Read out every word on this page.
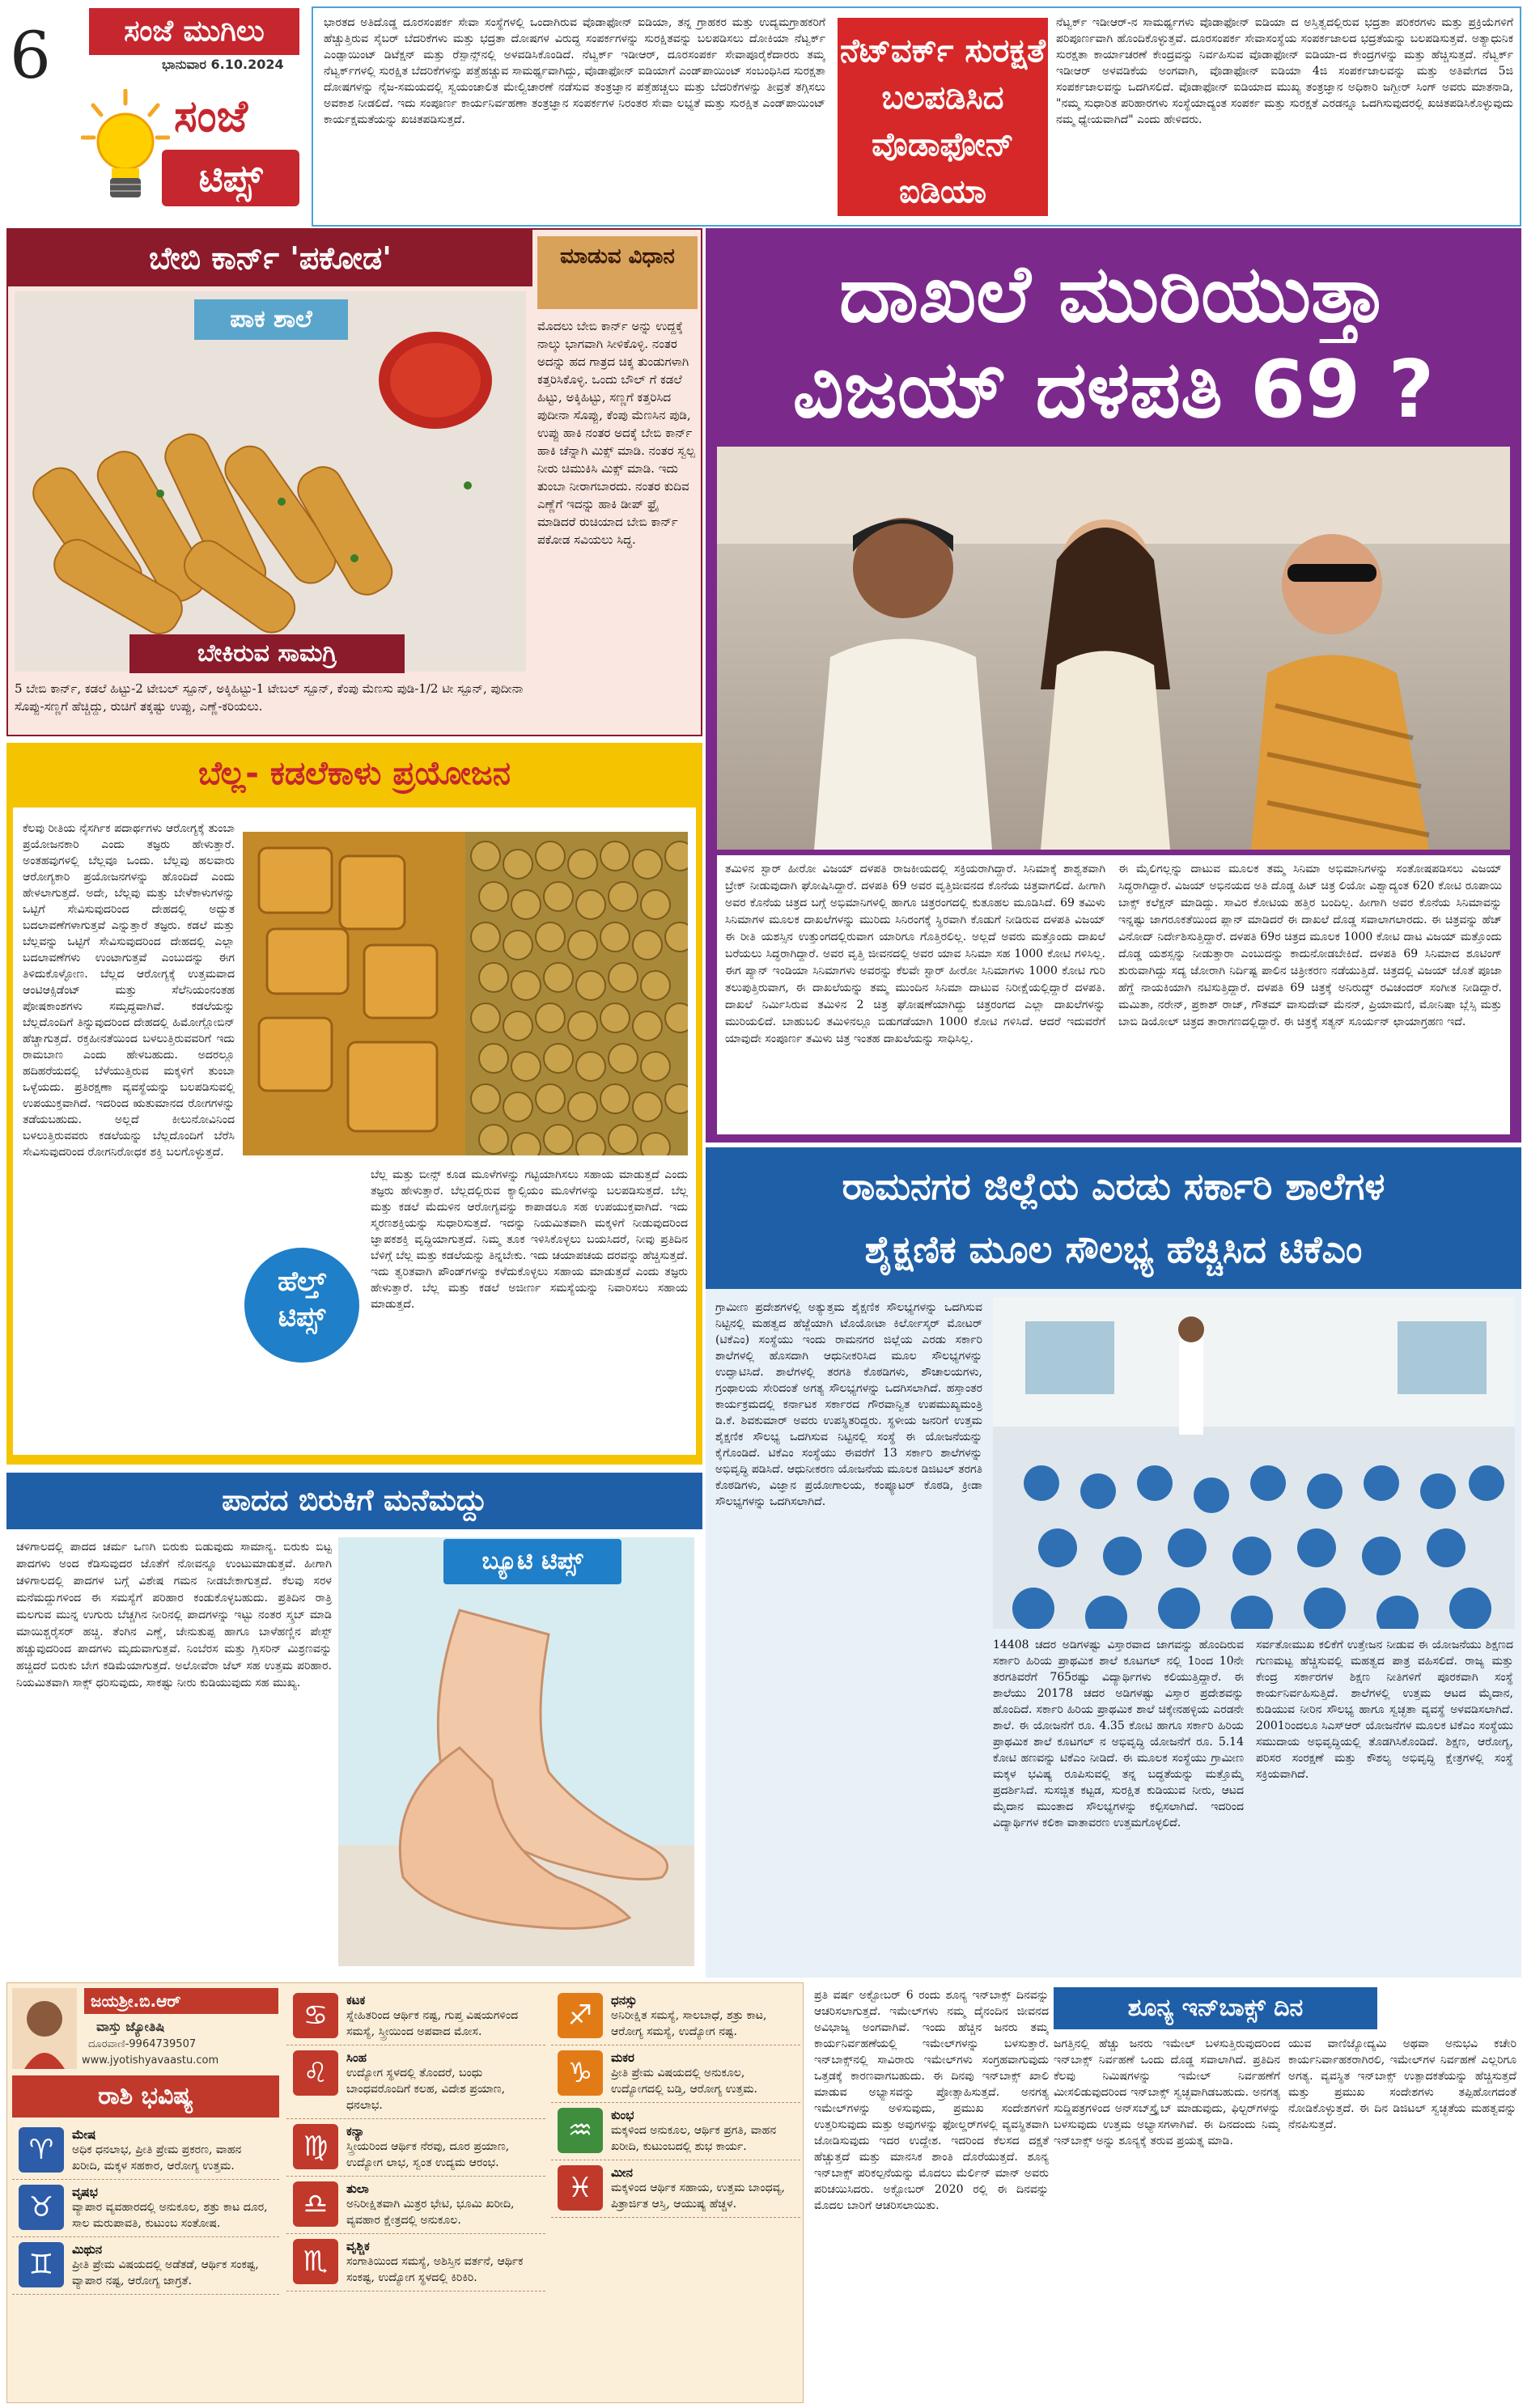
6	ಸಂಜೆ ಮುಗಿಲು
ಭಾನುವಾರ 6.10.2024
ಸಂಜೆ
ಟಿಪ್ಸ್
ಭಾರತದ ಅತಿದೊಡ್ಡ ದೂರಸಂಪರ್ಕ ಸೇವಾ ಸಂಸ್ಥೆಗಳಲ್ಲಿ ಒಂದಾಗಿರುವ ವೊಡಾಫೋನ್ ಐಡಿಯಾ, ತನ್ನ ಗ್ರಾಹಕರ ಮತ್ತು ಉದ್ಯಮಗ್ರಾಹಕರಿಗೆ ಹೆಚ್ಚುತ್ತಿರುವ ಸೈಬರ್ ಬೆದರಿಕೆಗಳು ಮತ್ತು ಭದ್ರತಾ ದೋಷಗಳ ವಿರುದ್ಧ ಸಂಪರ್ಕಗಳನ್ನು ಸುರಕ್ಷಿತವನ್ನು ಬಲಪಡಿಸಲು ದೋಕಿಯಾ ನೆಟ್ವರ್ಕ್ ಎಂಡ್ಪಾಯಿಂಟ್ ಡಿಟೆಕ್ಷನ್ ಮತ್ತು ರೆಸ್ಪಾನ್ಸ್‌ನಲ್ಲಿ ಅಳವಡಿಸಿಕೊಂಡಿದೆ. ನೆಟ್ವರ್ಕ್ ಇಡೀಆರ್, ದೂರಸಂಪರ್ಕ ಸೇವಾಪೂರೈಕೆದಾರರು ತಮ್ಮ ನೆಟ್ವರ್ಕ್‌ಗಳಲ್ಲಿ ಸುರಕ್ಷಿತ ಬೆದರಿಕೆಗಳನ್ನು ಪತ್ತೆಹಚ್ಚುವ ಸಾಮರ್ಥ್ಯವಾಗಿದ್ದು, ವೊಡಾಫೋನ್ ಐಡಿಯಾಗೆ ಎಂಡ್‌ಪಾಯಿಂಟ್ ಸಂಬಂಧಿಸಿದ ಸುರಕ್ಷತಾ ದೋಷಗಳನ್ನು ನೈಜ-ಸಮಯದಲ್ಲಿ ಸ್ವಯಂಚಾಲಿತ ಮೇಲ್ವಿಚಾರಣೆ ನಡೆಸುವ ತಂತ್ರಜ್ಞಾನ ಪತ್ತೆಹಚ್ಚಲು ಮತ್ತು ಬೆದರಿಕೆಗಳನ್ನು ತೀವ್ರತೆ ತಗ್ಗಿಸಲು ಅವಕಾಶ ನೀಡಲಿದೆ. ಇದು ಸಂಪೂರ್ಣ ಕಾರ್ಯನಿರ್ವಹಣಾ ತಂತ್ರಜ್ಞಾನ ಸಂಪರ್ಕಗಳ ನಿರಂತರ ಸೇವಾ ಲಭ್ಯತೆ ಮತ್ತು ಸುರಕ್ಷಿತ ಎಂಡ್‌ಪಾಯಿಂಟ್ ಕಾರ್ಯಕ್ಷಮತೆಯನ್ನು ಖಚಿತಪಡಿಸುತ್ತದೆ.
ನೆಟ್‌ವರ್ಕ್ ಸುರಕ್ಷತೆ ಬಲಪಡಿಸಿದ ವೊಡಾಫೋನ್ ಐಡಿಯಾ
ನೆಟ್ವರ್ಕ್ ಇಡೀಆರ್-ನ ಸಾಮರ್ಥ್ಯಗಳು ವೊಡಾಫೋನ್ ಐಡಿಯಾ ದ ಅಸ್ತಿತ್ವದಲ್ಲಿರುವ ಭದ್ರತಾ ಪರಿಕರಗಳು ಮತ್ತು ಪ್ರಕ್ರಿಯೆಗಳಿಗೆ ಪರಿಪೂರ್ಣವಾಗಿ ಹೊಂದಿಕೊಳ್ಳುತ್ತವೆ. ದೂರಸಂಪರ್ಕ ಸೇವಾಸಂಸ್ಥೆಯ ಸಂಪರ್ಕಜಾಲದ ಭದ್ರತೆಯನ್ನು ಬಲಪಡಿಸುತ್ತವೆ. ಅತ್ಯಾಧುನಿಕ ಸುರಕ್ಷತಾ ಕಾರ್ಯಾಚರಣೆ ಕೇಂದ್ರವನ್ನು ನಿರ್ವಹಿಸುವ ವೊಡಾಫೋನ್ ಐಡಿಯಾ-ದ ಕೇಂದ್ರಗಳನ್ನು ಮತ್ತು ಹೆಚ್ಚಿಸುತ್ತದೆ. ನೆಟ್ವರ್ಕ್ ಇಡೀಆರ್ ಅಳವಡಿಕೆಯ ಅಂಗವಾಗಿ, ವೊಡಾಫೋನ್ ಐಡಿಯಾ 4ಜಿ ಸಂಪರ್ಕಜಾಲವನ್ನು ಮತ್ತು ಅತಿವೇಗದ 5ಜಿ ಸಂಪರ್ಕಜಾಲವನ್ನು ಒದಗಿಸಲಿದೆ. ವೊಡಾಫೋನ್ ಐಡಿಯಾದ ಮುಖ್ಯ ತಂತ್ರಜ್ಞಾನ ಅಧಿಕಾರಿ ಜಗ್ಬೀರ್ ಸಿಂಗ್ ಅವರು ಮಾತನಾಡಿ, "ನಮ್ಮ ಸುಧಾರಿತ ಪರಿಹಾರಗಳು ಸಂಸ್ಥೆಯಾದ್ಯಂತ ಸಂಪರ್ಕ ಮತ್ತು ಸುರಕ್ಷತೆ ಎರಡನ್ನೂ ಒದಗಿಸುವುದರಲ್ಲಿ ಖಚಿತಪಡಿಸಿಕೊಳ್ಳುವುದು ನಮ್ಮ ಧ್ಯೇಯವಾಗಿದೆ" ಎಂದು ಹೇಳಿದರು.
ಬೇಬಿ ಕಾರ್ನ್ 'ಪಕೋಡ'
ಪಾಕ ಶಾಲೆ
ಬೇಕಿರುವ ಸಾಮಗ್ರಿ
5 ಬೇಬಿ ಕಾರ್ನ್, ಕಡಲೆ ಹಿಟ್ಟು-2 ಟೇಬಲ್ ಸ್ಪೂನ್, ಅಕ್ಕಿಹಿಟ್ಟು-1 ಟೇಬಲ್ ಸ್ಪೂನ್, ಕೆಂಪು ಮೆಣಸು ಪುಡಿ-1/2 ಟೀ ಸ್ಪೂನ್, ಪುದೀನಾ ಸೊಪ್ಪು-ಸಣ್ಣಗೆ ಹೆಚ್ಚಿದ್ದು, ರುಚಿಗೆ ತಕ್ಕಷ್ಟು ಉಪ್ಪು, ಎಣ್ಣೆ-ಕರಿಯಲು.
ಮಾಡುವ ವಿಧಾನ
ಮೊದಲು ಬೇಬಿ ಕಾರ್ನ್ ಅನ್ನು ಉದ್ದಕ್ಕೆ ನಾಲ್ಕು ಭಾಗವಾಗಿ ಸೀಳಿಕೊಳ್ಳಿ. ನಂತರ ಅದನ್ನು ಹದ ಗಾತ್ರದ ಚಿಕ್ಕ ತುಂಡುಗಳಾಗಿ ಕತ್ತರಿಸಿಕೊಳ್ಳಿ. ಒಂದು ಬೌಲ್ ಗೆ ಕಡಲೆ ಹಿಟ್ಟು, ಅಕ್ಕಿಹಿಟ್ಟು, ಸಣ್ಣಗೆ ಕತ್ತರಿಸಿದ ಪುದೀನಾ ಸೊಪ್ಪು, ಕೆಂಪು ಮೆಣಸಿನ ಪುಡಿ, ಉಪ್ಪು ಹಾಕಿ ನಂತರ ಅದಕ್ಕೆ ಬೇಬಿ ಕಾರ್ನ್ ಹಾಕಿ ಚೆನ್ನಾಗಿ ಮಿಕ್ಸ್ ಮಾಡಿ. ನಂತರ ಸ್ವಲ್ಪ ನೀರು ಚಿಮುಕಿಸಿ ಮಿಕ್ಸ್ ಮಾಡಿ. ಇದು ತುಂಬಾ ನೀರಾಗಬಾರದು. ನಂತರ ಕುದಿವ ಎಣ್ಣೆಗೆ ಇದನ್ನು ಹಾಕಿ ಡೀಪ್ ಫ್ರೈ ಮಾಡಿದರೆ ರುಚಿಯಾದ ಬೇಬಿ ಕಾರ್ನ್ ಪಕೋಡ ಸವಿಯಲು ಸಿದ್ಧ.
ದಾಖಲೆ ಮುರಿಯುತ್ತಾ
ವಿಜಯ್ ದಳಪತಿ 69 ?
ತಮಿಳಿನ ಸ್ಟಾರ್ ಹೀರೋ ವಿಜಯ್ ದಳಪತಿ ರಾಜಕೀಯದಲ್ಲಿ ಸಕ್ರಿಯರಾಗಿದ್ದಾರೆ. ಸಿನಿಮಾಕ್ಕೆ ಶಾಶ್ವತವಾಗಿ ಬ್ರೇಕ್ ನೀಡುವುದಾಗಿ ಘೋಷಿಸಿದ್ದಾರೆ. ದಳಪತಿ 69 ಅವರ ವೃತ್ತಿಜೀವನದ ಕೊನೆಯ ಚಿತ್ರವಾಗಲಿದೆ. ಹೀಗಾಗಿ ಅವರ ಕೊನೆಯ ಚಿತ್ರದ ಬಗ್ಗೆ ಅಭಿಮಾನಿಗಳಲ್ಲಿ ಹಾಗೂ ಚಿತ್ರರಂಗದಲ್ಲಿ ಕುತೂಹಲ ಮೂಡಿಸಿದೆ. 69 ತಮಿಳು ಸಿನಿಮಾಗಳ ಮೂಲಕ ದಾಖಲೆಗಳನ್ನು ಮುರಿದು ಸಿನಿರಂಗಕ್ಕೆ ಸ್ಥಿರವಾಗಿ ಕೊಡುಗೆ ನೀಡಿರುವ ದಳಪತಿ ವಿಜಯ್ ಈ ರೀತಿ ಯಶಸ್ಸಿನ ಉತ್ತುಂಗದಲ್ಲಿರುವಾಗ ಯಾರಿಗೂ ಗೊತ್ತಿರಲಿಲ್ಲ. ಅಲ್ಲದೆ ಅವರು ಮತ್ತೊಂದು ದಾಖಲೆ ಬರೆಯಲು ಸಿದ್ಧರಾಗಿದ್ದಾರೆ. ಅವರ ವೃತ್ತಿ ಜೀವನದಲ್ಲಿ ಅವರ ಯಾವ ಸಿನಿಮಾ ಸಹ 1000 ಕೋಟಿ ಗಳಿಸಿಲ್ಲ. ಈಗ ಪ್ಯಾನ್ ಇಂಡಿಯಾ ಸಿನಿಮಾಗಳು ಅವರನ್ನು ಕೆಲವೇ ಸ್ಟಾರ್ ಹೀರೋ ಸಿನಿಮಾಗಳು 1000 ಕೋಟಿ ಗುರಿ ತಲುಪುತ್ತಿರುವಾಗ, ಈ ದಾಖಲೆಯನ್ನು ತಮ್ಮ ಮುಂದಿನ ಸಿನಿಮಾ ದಾಟುವ ನಿರೀಕ್ಷೆಯಲ್ಲಿದ್ದಾರೆ ದಳಪತಿ. ದಾಖಲೆ ನಿರ್ಮಿಸಿರುವ ತಮಿಳಿನ 2 ಚಿತ್ರ ಘೋಷಣೆಯಾಗಿದ್ದು ಚಿತ್ರರಂಗದ ಎಲ್ಲಾ ದಾಖಲೆಗಳನ್ನು ಮುರಿಯಲಿದೆ. ಬಾಹುಬಲಿ ತಮಿಳಿನಲ್ಲೂ ಬಿಡುಗಡೆಯಾಗಿ 1000 ಕೋಟಿ ಗಳಿಸಿದೆ. ಆದರೆ ಇದುವರೆಗೆ ಯಾವುದೇ ಸಂಪೂರ್ಣ ತಮಿಳು ಚಿತ್ರ ಇಂತಹ ದಾಖಲೆಯನ್ನು ಸಾಧಿಸಿಲ್ಲ.
ಈ ಮೈಲಿಗಲ್ಲನ್ನು ದಾಟುವ ಮೂಲಕ ತಮ್ಮ ಸಿನಿಮಾ ಅಭಿಮಾನಿಗಳನ್ನು ಸಂತೋಷಪಡಿಸಲು ವಿಜಯ್ ಸಿದ್ಧರಾಗಿದ್ದಾರೆ. ವಿಜಯ್ ಅಭಿನಯದ ಅತಿ ದೊಡ್ಡ ಹಿಟ್ ಚಿತ್ರ ಲಿಯೋ ವಿಶ್ವಾದ್ಯಂತ 620 ಕೋಟಿ ರೂಪಾಯಿ ಬಾಕ್ಸ್ ಕಲೆಕ್ಷನ್ ಮಾಡಿದ್ದು. ಸಾವಿರ ಕೋಟಿಯ ಹತ್ತಿರ ಬಂದಿಲ್ಲ. ಹೀಗಾಗಿ ಅವರ ಕೊನೆಯ ಸಿನಿಮಾವನ್ನು ಇನ್ನಷ್ಟು ಜಾಗರೂಕತೆಯಿಂದ ಪ್ಲಾನ್ ಮಾಡಿದರೆ ಈ ದಾಖಲೆ ದೊಡ್ಡ ಸವಾಲಾಗಲಾರದು. ಈ ಚಿತ್ರವನ್ನು ಹೆಚ್ ವಿನೋದ್ ನಿರ್ದೇಶಿಸುತ್ತಿದ್ದಾರೆ. ದಳಪತಿ 69ರ ಚಿತ್ರದ ಮೂಲಕ 1000 ಕೋಟಿ ದಾಟ ವಿಜಯ್ ಮತ್ತೊಂದು ದೊಡ್ಡ ಯಶಸ್ಸನ್ನು ನೀಡುತ್ತಾರಾ ಎಂಬುದನ್ನು ಕಾದುನೋಡಬೇಕಿದೆ. ದಳಪತಿ 69 ಸಿನಿಮಾದ ಶೂಟಿಂಗ್ ಶುರುವಾಗಿದ್ದು ಸದ್ಯ ಜೋರಾಗಿ ನಿರ್ದಿಷ್ಟ ಪಾಲಿನ ಚಿತ್ರೀಕರಣ ನಡೆಯುತ್ತಿದೆ. ಚಿತ್ರದಲ್ಲಿ ವಿಜಯ್ ಜೊತೆ ಪೂಜಾ ಹೆಗ್ಡೆ ನಾಯಕಿಯಾಗಿ ನಟಿಸುತ್ತಿದ್ದಾರೆ. ದಳಪತಿ 69 ಚಿತ್ರಕ್ಕೆ ಅನಿರುದ್ಧ್ ರವಿಚಂದರ್ ಸಂಗೀತ ನೀಡಿದ್ದಾರೆ. ಮಮಿತಾ, ನರೇನ್, ಪ್ರಕಾಶ್ ರಾಜ್, ಗೌತಮ್ ವಾಸುದೇವ್ ಮೆನನ್, ಪ್ರಿಯಾಮಣಿ, ಮೋನಿಷಾ ಬ್ಲೆಸ್ಸಿ ಮತ್ತು ಬಾಬಿ ಡಿಯೋಲ್ ಚಿತ್ರದ ತಾರಾಗಣದಲ್ಲಿದ್ದಾರೆ. ಈ ಚಿತ್ರಕ್ಕೆ ಸತ್ಯನ್ ಸೂರ್ಯನ್ ಛಾಯಾಗ್ರಹಣ ಇದೆ.
ಬೆಲ್ಲ- ಕಡಲೆಕಾಳು ಪ್ರಯೋಜನ
ಕೆಲವು ರೀತಿಯ ನೈಸರ್ಗಿಕ ಪದಾರ್ಥಗಳು ಆರೋಗ್ಯಕ್ಕೆ ತುಂಬಾ ಪ್ರಯೋಜನಕಾರಿ ಎಂದು ತಜ್ಞರು ಹೇಳುತ್ತಾರೆ. ಅಂತಹವುಗಳಲ್ಲಿ ಬೆಲ್ಲವೂ ಒಂದು. ಬೆಲ್ಲವು ಹಲವಾರು ಆರೋಗ್ಯಕಾರಿ ಪ್ರಯೋಜನಗಳನ್ನು ಹೊಂದಿದೆ ಎಂದು ಹೇಳಲಾಗುತ್ತದೆ. ಅದೇ, ಬೆಲ್ಲವು ಮತ್ತು ಬೇಳೆಕಾಳುಗಳನ್ನು ಒಟ್ಟಿಗೆ ಸೇವಿಸುವುದರಿಂದ ದೇಹದಲ್ಲಿ ಅದ್ಭುತ ಬದಲಾವಣೆಗಳಾಗುತ್ತವೆ ಎನ್ನುತ್ತಾರೆ ತಜ್ಞರು. ಕಡಲೆ ಮತ್ತು ಬೆಲ್ಲವನ್ನು ಒಟ್ಟಿಗೆ ಸೇವಿಸುವುದರಿಂದ ದೇಹದಲ್ಲಿ ಎಲ್ಲಾ ಬದಲಾವಣೆಗಳು ಉಂಟಾಗುತ್ತವೆ ಎಂಬುದನ್ನು ಈಗ ತಿಳಿದುಕೊಳ್ಳೋಣ. ಬೆಲ್ಲದ ಆರೋಗ್ಯಕ್ಕೆ ಉತ್ತಮವಾದ ಆಂಟಿಆಕ್ಸಿಡೆಂಟ್ ಮತ್ತು ಸೆಲೆನಿಯಂನಂತಹ ಪೋಷಕಾಂಶಗಳು ಸಮೃದ್ಧವಾಗಿವೆ. ಕಡಲೆಯನ್ನು ಬೆಲ್ಲದೊಂದಿಗೆ ತಿನ್ನುವುದರಿಂದ ದೇಹದಲ್ಲಿ ಹಿಮೋಗ್ಲೋಬಿನ್ ಹೆಚ್ಚಾಗುತ್ತದೆ. ರಕ್ತಹೀನತೆಯಿಂದ ಬಳಲುತ್ತಿರುವವರಿಗೆ ಇದು ರಾಮಬಾಣ ಎಂದು ಹೇಳಬಹುದು. ಅದರಲ್ಲೂ ಹದಿಹರೆಯದಲ್ಲಿ ಬೆಳೆಯುತ್ತಿರುವ ಮಕ್ಕಳಿಗೆ ತುಂಬಾ ಒಳ್ಳೆಯದು. ಪ್ರತಿರಕ್ಷಣಾ ವ್ಯವಸ್ಥೆಯನ್ನು ಬಲಪಡಿಸುವಲ್ಲಿ ಉಪಯುಕ್ತವಾಗಿದೆ. ಇದರಿಂದ ಋತುಮಾನದ ರೋಗಗಳನ್ನು ತಡೆಯಬಹುದು. ಅಲ್ಲದೆ ಕೀಲುನೋವಿನಿಂದ ಬಳಲುತ್ತಿರುವವರು ಕಡಲೆಯನ್ನು ಬೆಲ್ಲದೊಂದಿಗೆ ಬೆರೆಸಿ ಸೇವಿಸುವುದರಿಂದ ರೋಗನಿರೋಧಕ ಶಕ್ತಿ ಬಲಗೊಳ್ಳುತ್ತದೆ.
ಬೆಲ್ಲ ಮತ್ತು ಬೀನ್ಸ್ ಕೂಡ ಮೂಳೆಗಳನ್ನು ಗಟ್ಟಿಯಾಗಿಸಲು ಸಹಾಯ ಮಾಡುತ್ತದೆ ಎಂದು ತಜ್ಞರು ಹೇಳುತ್ತಾರೆ. ಬೆಲ್ಲದಲ್ಲಿರುವ ಕ್ಯಾಲ್ಸಿಯಂ ಮೂಳೆಗಳನ್ನು ಬಲಪಡಿಸುತ್ತದೆ. ಬೆಲ್ಲ ಮತ್ತು ಕಡಲೆ ಮೆದುಳಿನ ಆರೋಗ್ಯವನ್ನು ಕಾಪಾಡಲೂ ಸಹ ಉಪಯುಕ್ತವಾಗಿದೆ. ಇದು ಸ್ಮರಣಶಕ್ತಿಯನ್ನು ಸುಧಾರಿಸುತ್ತದೆ. ಇದನ್ನು ನಿಯಮಿತವಾಗಿ ಮಕ್ಕಳಿಗೆ ನೀಡುವುದರಿಂದ ಜ್ಞಾಪಕಶಕ್ತಿ ವೃದ್ಧಿಯಾಗುತ್ತದೆ. ನಿಮ್ಮ ತೂಕ ಇಳಿಸಿಕೊಳ್ಳಲು ಬಯಸಿದರೆ, ನೀವು ಪ್ರತಿದಿನ ಬೆಳಿಗ್ಗೆ ಬೆಲ್ಲ ಮತ್ತು ಕಡಲೆಯನ್ನು ತಿನ್ನಬೇಕು. ಇದು ಚಯಾಪಚಯ ದರವನ್ನು ಹೆಚ್ಚಿಸುತ್ತದೆ. ಇದು ತ್ವರಿತವಾಗಿ ಪೌಂಡ್‌ಗಳನ್ನು ಕಳೆದುಕೊಳ್ಳಲು ಸಹಾಯ ಮಾಡುತ್ತದೆ ಎಂದು ತಜ್ಞರು ಹೇಳುತ್ತಾರೆ. ಬೆಲ್ಲ ಮತ್ತು ಕಡಲೆ ಅಜೀರ್ಣ ಸಮಸ್ಯೆಯನ್ನು ನಿವಾರಿಸಲು ಸಹಾಯ ಮಾಡುತ್ತದೆ.
ಹೆಲ್ತ್
ಟಿಪ್ಸ್
ರಾಮನಗರ ಜಿಲ್ಲೆಯ ಎರಡು ಸರ್ಕಾರಿ ಶಾಲೆಗಳ
ಶೈಕ್ಷಣಿಕ ಮೂಲ ಸೌಲಭ್ಯ ಹೆಚ್ಚಿಸಿದ ಟಿಕೆಎಂ
ಗ್ರಾಮೀಣ ಪ್ರದೇಶಗಳಲ್ಲಿ ಅತ್ಯುತ್ತಮ ಶೈಕ್ಷಣಿಕ ಸೌಲಭ್ಯಗಳನ್ನು ಒದಗಿಸುವ ನಿಟ್ಟಿನಲ್ಲಿ ಮಹತ್ವದ ಹೆಜ್ಜೆಯಾಗಿ ಟೊಯೋಟಾ ಕಿರ್ಲೋಸ್ಕರ್ ಮೋಟರ್ (ಟಿಕೆಎಂ) ಸಂಸ್ಥೆಯು ಇಂದು ರಾಮನಗರ ಜಿಲ್ಲೆಯ ಎರಡು ಸರ್ಕಾರಿ ಶಾಲೆಗಳಲ್ಲಿ ಹೊಸದಾಗಿ ಆಧುನೀಕರಿಸಿದ ಮೂಲ ಸೌಲಭ್ಯಗಳನ್ನು ಉದ್ಘಾಟಿಸಿದೆ. ಶಾಲೆಗಳಲ್ಲಿ ತರಗತಿ ಕೊಠಡಿಗಳು, ಶೌಚಾಲಯಗಳು, ಗ್ರಂಥಾಲಯ ಸೇರಿದಂತೆ ಅಗತ್ಯ ಸೌಲಭ್ಯಗಳನ್ನು ಒದಗಿಸಲಾಗಿದೆ. ಹಸ್ತಾಂತರ ಕಾರ್ಯಕ್ರಮದಲ್ಲಿ ಕರ್ನಾಟಕ ಸರ್ಕಾರದ ಗೌರವಾನ್ವಿತ ಉಪಮುಖ್ಯಮಂತ್ರಿ ಡಿ.ಕೆ. ಶಿವಕುಮಾರ್ ಅವರು ಉಪಸ್ಥಿತರಿದ್ದರು. ಸ್ಥಳೀಯ ಜನರಿಗೆ ಉತ್ತಮ ಶೈಕ್ಷಣಿಕ ಸೌಲಭ್ಯ ಒದಗಿಸುವ ನಿಟ್ಟಿನಲ್ಲಿ ಸಂಸ್ಥೆ ಈ ಯೋಜನೆಯನ್ನು ಕೈಗೊಂಡಿದೆ. ಟಿಕೆಎಂ ಸಂಸ್ಥೆಯು ಈವರೆಗೆ 13 ಸರ್ಕಾರಿ ಶಾಲೆಗಳನ್ನು ಅಭಿವೃದ್ಧಿ ಪಡಿಸಿದೆ. ಆಧುನೀಕರಣ ಯೋಜನೆಯ ಮೂಲಕ ಡಿಜಿಟಲ್ ತರಗತಿ ಕೊಠಡಿಗಳು, ವಿಜ್ಞಾನ ಪ್ರಯೋಗಾಲಯ, ಕಂಪ್ಯೂಟರ್ ಕೊಠಡಿ, ಕ್ರೀಡಾ ಸೌಲಭ್ಯಗಳನ್ನು ಒದಗಿಸಲಾಗಿದೆ.
14408 ಚದರ ಅಡಿಗಳಷ್ಟು ವಿಸ್ತಾರವಾದ ಜಾಗವನ್ನು ಹೊಂದಿರುವ ಸರ್ಕಾರಿ ಹಿರಿಯ ಪ್ರಾಥಮಿಕ ಶಾಲೆ ಕೂಟಗಲ್ ನಲ್ಲಿ 1ರಿಂದ 10ನೇ ತರಗತಿವರೆಗೆ 765ರಷ್ಟು ವಿದ್ಯಾರ್ಥಿಗಳು ಕಲಿಯುತ್ತಿದ್ದಾರೆ. ಈ ಶಾಲೆಯು 20178 ಚದರ ಅಡಿಗಳಷ್ಟು ವಿಸ್ತಾರ ಪ್ರದೇಶವನ್ನು ಹೊಂದಿದೆ. ಸರ್ಕಾರಿ ಹಿರಿಯ ಪ್ರಾಥಮಿಕ ಶಾಲೆ ಚಿಕ್ಕೇನಹಳ್ಳಿಯ ಎರಡನೇ ಶಾಲೆ. ಈ ಯೋಜನೆಗೆ ರೂ. 4.35 ಕೋಟಿ ಹಾಗೂ ಸರ್ಕಾರಿ ಹಿರಿಯ ಪ್ರಾಥಮಿಕ ಶಾಲೆ ಕೂಟಗಲ್ ನ ಅಭಿವೃದ್ಧಿ ಯೋಜನೆಗೆ ರೂ. 5.14 ಕೋಟಿ ಹಣವನ್ನು ಟಿಕೆಎಂ ನೀಡಿದೆ. ಈ ಮೂಲಕ ಸಂಸ್ಥೆಯು ಗ್ರಾಮೀಣ ಮಕ್ಕಳ ಭವಿಷ್ಯ ರೂಪಿಸುವಲ್ಲಿ ತನ್ನ ಬದ್ಧತೆಯನ್ನು ಮತ್ತೊಮ್ಮೆ ಪ್ರದರ್ಶಿಸಿದೆ. ಸುಸಜ್ಜಿತ ಕಟ್ಟಡ, ಸುರಕ್ಷಿತ ಕುಡಿಯುವ ನೀರು, ಆಟದ ಮೈದಾನ ಮುಂತಾದ ಸೌಲಭ್ಯಗಳನ್ನು ಕಲ್ಪಿಸಲಾಗಿದೆ. ಇದರಿಂದ ವಿದ್ಯಾರ್ಥಿಗಳ ಕಲಿಕಾ ವಾತಾವರಣ ಉತ್ತಮಗೊಳ್ಳಲಿದೆ.
ಸರ್ವತೋಮುಖ ಕಲಿಕೆಗೆ ಉತ್ತೇಜನ ನೀಡುವ ಈ ಯೋಜನೆಯು ಶಿಕ್ಷಣದ ಗುಣಮಟ್ಟ ಹೆಚ್ಚಿಸುವಲ್ಲಿ ಮಹತ್ವದ ಪಾತ್ರ ವಹಿಸಲಿದೆ. ರಾಜ್ಯ ಮತ್ತು ಕೇಂದ್ರ ಸರ್ಕಾರಗಳ ಶಿಕ್ಷಣ ನೀತಿಗಳಿಗೆ ಪೂರಕವಾಗಿ ಸಂಸ್ಥೆ ಕಾರ್ಯನಿರ್ವಹಿಸುತ್ತಿದೆ. ಶಾಲೆಗಳಲ್ಲಿ ಉತ್ತಮ ಆಟದ ಮೈದಾನ, ಕುಡಿಯುವ ನೀರಿನ ಸೌಲಭ್ಯ ಹಾಗೂ ಸ್ವಚ್ಛತಾ ವ್ಯವಸ್ಥೆ ಅಳವಡಿಸಲಾಗಿದೆ. 2001ರಿಂದಲೂ ಸಿಎಸ್ಆರ್ ಯೋಜನೆಗಳ ಮೂಲಕ ಟಿಕೆಎಂ ಸಂಸ್ಥೆಯು ಸಮುದಾಯ ಅಭಿವೃದ್ಧಿಯಲ್ಲಿ ತೊಡಗಿಸಿಕೊಂಡಿದೆ. ಶಿಕ್ಷಣ, ಆರೋಗ್ಯ, ಪರಿಸರ ಸಂರಕ್ಷಣೆ ಮತ್ತು ಕೌಶಲ್ಯ ಅಭಿವೃದ್ಧಿ ಕ್ಷೇತ್ರಗಳಲ್ಲಿ ಸಂಸ್ಥೆ ಸಕ್ರಿಯವಾಗಿದೆ.
ಪಾದದ ಬಿರುಕಿಗೆ ಮನೆಮದ್ದು
ಚಳಿಗಾಲದಲ್ಲಿ ಪಾದದ ಚರ್ಮ ಒಣಗಿ ಬಿರುಕು ಬಿಡುವುದು ಸಾಮಾನ್ಯ. ಬಿರುಕು ಬಿಟ್ಟ ಪಾದಗಳು ಅಂದ ಕೆಡಿಸುವುದರ ಜೊತೆಗೆ ನೋವನ್ನೂ ಉಂಟುಮಾಡುತ್ತವೆ. ಹೀಗಾಗಿ ಚಳಿಗಾಲದಲ್ಲಿ ಪಾದಗಳ ಬಗ್ಗೆ ವಿಶೇಷ ಗಮನ ನೀಡಬೇಕಾಗುತ್ತದೆ. ಕೆಲವು ಸರಳ ಮನೆಮದ್ದುಗಳಿಂದ ಈ ಸಮಸ್ಯೆಗೆ ಪರಿಹಾರ ಕಂಡುಕೊಳ್ಳಬಹುದು. ಪ್ರತಿದಿನ ರಾತ್ರಿ ಮಲಗುವ ಮುನ್ನ ಉಗುರು ಬೆಚ್ಚಗಿನ ನೀರಿನಲ್ಲಿ ಪಾದಗಳನ್ನು ಇಟ್ಟು ನಂತರ ಸ್ಕ್ರಬ್ ಮಾಡಿ ಮಾಯಿಶ್ಚರೈಸರ್ ಹಚ್ಚಿ. ತೆಂಗಿನ ಎಣ್ಣೆ, ಜೇನುತುಪ್ಪ ಹಾಗೂ ಬಾಳೆಹಣ್ಣಿನ ಪೇಸ್ಟ್ ಹಚ್ಚುವುದರಿಂದ ಪಾದಗಳು ಮೃದುವಾಗುತ್ತವೆ. ನಿಂಬೆರಸ ಮತ್ತು ಗ್ಲಿಸರಿನ್ ಮಿಶ್ರಣವನ್ನು ಹಚ್ಚಿದರೆ ಬಿರುಕು ಬೇಗ ಕಡಿಮೆಯಾಗುತ್ತದೆ. ಅಲೋವೆರಾ ಜೆಲ್ ಸಹ ಉತ್ತಮ ಪರಿಹಾರ. ನಿಯಮಿತವಾಗಿ ಸಾಕ್ಸ್ ಧರಿಸುವುದು, ಸಾಕಷ್ಟು ನೀರು ಕುಡಿಯುವುದು ಸಹ ಮುಖ್ಯ.
ಬ್ಯೂಟಿ ಟಿಪ್ಸ್
ಜಯಶ್ರೀ.ಬಿ.ಆರ್
ವಾಸ್ತು ಜ್ಯೋತಿಷಿ
ದೂರವಾಣಿ-9964739507
www.jyotishyavaastu.com
ರಾಶಿ ಭವಿಷ್ಯ
♈	ಮೇಷ
ಅಧಿಕ ಧನಲಾಭ, ಪ್ರೀತಿ ಪ್ರೇಮ ಪ್ರಕರಣ, ವಾಹನ ಖರೀದಿ, ಮಕ್ಕಳ ಸಹಕಾರ, ಆರೋಗ್ಯ ಉತ್ತಮ.
♉	ವೃಷಭ
ವ್ಯಾಪಾರ ವ್ಯವಹಾರದಲ್ಲಿ ಅನುಕೂಲ, ಶತ್ರು ಕಾಟ ದೂರ, ಸಾಲ ಮರುಪಾವತಿ, ಕುಟುಂಬ ಸಂತೋಷ.
♊	ಮಿಥುನ
ಪ್ರೀತಿ ಪ್ರೇಮ ವಿಷಯದಲ್ಲಿ ಅಡೆತಡೆ, ಆರ್ಥಿಕ ಸಂಕಷ್ಟ, ವ್ಯಾಪಾರ ನಷ್ಟ, ಆರೋಗ್ಯ ಜಾಗ್ರತೆ.
♋	ಕಟಕ
ಸ್ನೇಹಿತರಿಂದ ಆರ್ಥಿಕ ನಷ್ಟ, ಗುಪ್ತ ವಿಷಯಗಳಿಂದ ಸಮಸ್ಯೆ, ಸ್ತ್ರೀಯಿಂದ ಅಪವಾದ ಮೋಸ.
♌	ಸಿಂಹ
ಉದ್ಯೋಗ ಸ್ಥಳದಲ್ಲಿ ತೊಂದರೆ, ಬಂಧು ಬಾಂಧವರೊಂದಿಗೆ ಕಲಹ, ವಿದೇಶ ಪ್ರಯಾಣ, ಧನಲಾಭ.
♍	ಕನ್ಯಾ
ಸ್ತ್ರೀಯರಿಂದ ಆರ್ಥಿಕ ನೆರವು, ದೂರ ಪ್ರಯಾಣ, ಉದ್ಯೋಗ ಲಾಭ, ಸ್ವಂತ ಉದ್ಯಮ ಆರಂಭ.
♎	ತುಲಾ
ಅನಿರೀಕ್ಷಿತವಾಗಿ ಮಿತ್ರರ ಭೇಟಿ, ಭೂಮಿ ಖರೀದಿ, ವ್ಯವಹಾರ ಕ್ಷೇತ್ರದಲ್ಲಿ ಅನುಕೂಲ.
♏	ವೃಶ್ಚಿಕ
ಸಂಗಾತಿಯಿಂದ ಸಮಸ್ಯೆ, ಅಶಿಸ್ತಿನ ವರ್ತನೆ, ಆರ್ಥಿಕ ಸಂಕಷ್ಟ, ಉದ್ಯೋಗ ಸ್ಥಳದಲ್ಲಿ ಕಿರಿಕಿರಿ.
♐	ಧನಸ್ಸು
ಅನಿರೀಕ್ಷಿತ ಸಮಸ್ಯೆ, ಸಾಲಬಾಧೆ, ಶತ್ರು ಕಾಟ, ಆರೋಗ್ಯ ಸಮಸ್ಯೆ, ಉದ್ಯೋಗ ನಷ್ಟ.
♑	ಮಕರ
ಪ್ರೀತಿ ಪ್ರೇಮ ವಿಷಯದಲ್ಲಿ ಅನುಕೂಲ, ಉದ್ಯೋಗದಲ್ಲಿ ಬಡ್ತಿ, ಆರೋಗ್ಯ ಉತ್ತಮ.
♒	ಕುಂಭ
ಮಕ್ಕಳಿಂದ ಅನುಕೂಲ, ಆರ್ಥಿಕ ಪ್ರಗತಿ, ವಾಹನ ಖರೀದಿ, ಕುಟುಂಬದಲ್ಲಿ ಶುಭ ಕಾರ್ಯ.
♓	ಮೀನ
ಮಕ್ಕಳಿಂದ ಆರ್ಥಿಕ ಸಹಾಯ, ಉತ್ತಮ ಬಾಂಧವ್ಯ, ಪಿತ್ರಾರ್ಜಿತ ಆಸ್ತಿ, ಆಯುಷ್ಯ ಹೆಚ್ಚಳ.
ಪ್ರತಿ ವರ್ಷ ಅಕ್ಟೋಬರ್ 6 ರಂದು ಶೂನ್ಯ ಇನ್‌ಬಾಕ್ಸ್ ದಿನವನ್ನು ಆಚರಿಸಲಾಗುತ್ತದೆ. ಇಮೇಲ್‌ಗಳು ನಮ್ಮ ದೈನಂದಿನ ಜೀವನದ ಅವಿಭಾಜ್ಯ ಅಂಗವಾಗಿವೆ. ಇಂದು ಹೆಚ್ಚಿನ ಜನರು ತಮ್ಮ ಕಾರ್ಯನಿರ್ವಹಣೆಯಲ್ಲಿ ಇಮೇಲ್‌ಗಳನ್ನು ಬಳಸುತ್ತಾರೆ. ಇನ್‌ಬಾಕ್ಸ್‌ನಲ್ಲಿ ಸಾವಿರಾರು ಇಮೇಲ್‌ಗಳು ಸಂಗ್ರಹವಾಗುವುದು ಒತ್ತಡಕ್ಕೆ ಕಾರಣವಾಗಬಹುದು. ಈ ದಿನವು ಇನ್‌ಬಾಕ್ಸ್ ಖಾಲಿ ಮಾಡುವ ಅಭ್ಯಾಸವನ್ನು ಪ್ರೋತ್ಸಾಹಿಸುತ್ತದೆ. ಅನಗತ್ಯ ಇಮೇಲ್‌ಗಳನ್ನು ಅಳಿಸುವುದು, ಪ್ರಮುಖ ಸಂದೇಶಗಳಿಗೆ ಉತ್ತರಿಸುವುದು ಮತ್ತು ಅವುಗಳನ್ನು ಫೋಲ್ಡರ್‌ಗಳಲ್ಲಿ ವ್ಯವಸ್ಥಿತವಾಗಿ ಜೋಡಿಸುವುದು ಇದರ ಉದ್ದೇಶ. ಇದರಿಂದ ಕೆಲಸದ ದಕ್ಷತೆ ಹೆಚ್ಚುತ್ತದೆ ಮತ್ತು ಮಾನಸಿಕ ಶಾಂತಿ ದೊರೆಯುತ್ತದೆ. ಶೂನ್ಯ ಇನ್‌ಬಾಕ್ಸ್ ಪರಿಕಲ್ಪನೆಯನ್ನು ಮೊದಲು ಮೆರ್ಲಿನ್ ಮಾನ್ ಅವರು ಪರಿಚಯಿಸಿದರು. ಅಕ್ಟೋಬರ್ 2020 ರಲ್ಲಿ ಈ ದಿನವನ್ನು ಮೊದಲ ಬಾರಿಗೆ ಆಚರಿಸಲಾಯಿತು.
ಶೂನ್ಯ ಇನ್‌ಬಾಕ್ಸ್ ದಿನ
ಜಗತ್ತಿನಲ್ಲಿ ಹೆಚ್ಚು ಜನರು ಇಮೇಲ್ ಬಳಸುತ್ತಿರುವುದರಿಂದ ಇನ್‌ಬಾಕ್ಸ್ ನಿರ್ವಹಣೆ ಒಂದು ದೊಡ್ಡ ಸವಾಲಾಗಿದೆ. ಪ್ರತಿದಿನ ಕೆಲವು ನಿಮಿಷಗಳನ್ನು ಇಮೇಲ್ ನಿರ್ವಹಣೆಗೆ ಮೀಸಲಿಡುವುದರಿಂದ ಇನ್‌ಬಾಕ್ಸ್ ಸ್ವಚ್ಛವಾಗಿಡಬಹುದು. ಅನಗತ್ಯ ಸುದ್ದಿಪತ್ರಗಳಿಂದ ಅನ್‌ಸಬ್‌ಸ್ಕ್ರೈಬ್ ಮಾಡುವುದು, ಫಿಲ್ಟರ್‌ಗಳನ್ನು ಬಳಸುವುದು ಉತ್ತಮ ಅಭ್ಯಾಸಗಳಾಗಿವೆ. ಈ ದಿನದಂದು ನಿಮ್ಮ ಇನ್‌ಬಾಕ್ಸ್ ಅನ್ನು ಶೂನ್ಯಕ್ಕೆ ತರುವ ಪ್ರಯತ್ನ ಮಾಡಿ.
ಯುವ ವಾಣಿಜ್ಯೋದ್ಯಮಿ ಅಥವಾ ಅನುಭವಿ ಕಚೇರಿ ಕಾರ್ಯನಿರ್ವಾಹಕರಾಗಿರಲಿ, ಇಮೇಲ್‌ಗಳ ನಿರ್ವಹಣೆ ಎಲ್ಲರಿಗೂ ಅಗತ್ಯ. ವ್ಯವಸ್ಥಿತ ಇನ್‌ಬಾಕ್ಸ್ ಉತ್ಪಾದಕತೆಯನ್ನು ಹೆಚ್ಚಿಸುತ್ತದೆ ಮತ್ತು ಪ್ರಮುಖ ಸಂದೇಶಗಳು ತಪ್ಪಿಹೋಗದಂತೆ ನೋಡಿಕೊಳ್ಳುತ್ತದೆ. ಈ ದಿನ ಡಿಜಿಟಲ್ ಸ್ವಚ್ಛತೆಯ ಮಹತ್ವವನ್ನು ನೆನಪಿಸುತ್ತದೆ.
